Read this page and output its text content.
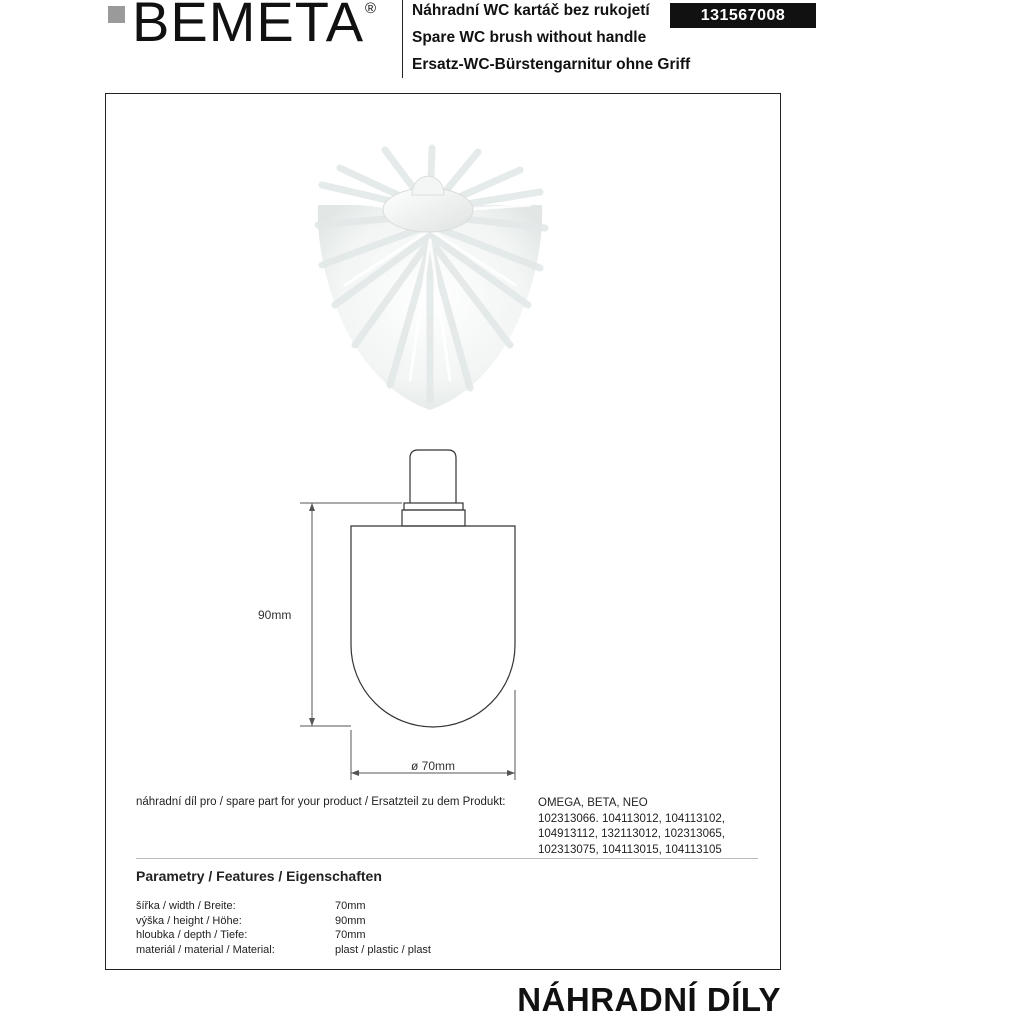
BEMETA ® Náhradní WC kartáč bez rukojetí
Spare WC brush without handle
Ersatz-WC-Bürstengarnitur ohne Griff
131567008
90mm
ø 70mm
náhradní díl pro / spare part for your product / Ersatzteil zu dem Produkt:	OMEGA, BETA, NEO
102313066. 104113012, 104113102,
104913112, 132113012, 102313065,
102313075, 104113015, 104113105
Parametry / Features / Eigenschaften
šířka / width / Breite:	70mm
výška / height / Höhe:	90mm
hloubka / depth / Tiefe:	70mm
materiál / material / Material:	plast / plastic / plast
NÁHRADNÍ DÍLY
